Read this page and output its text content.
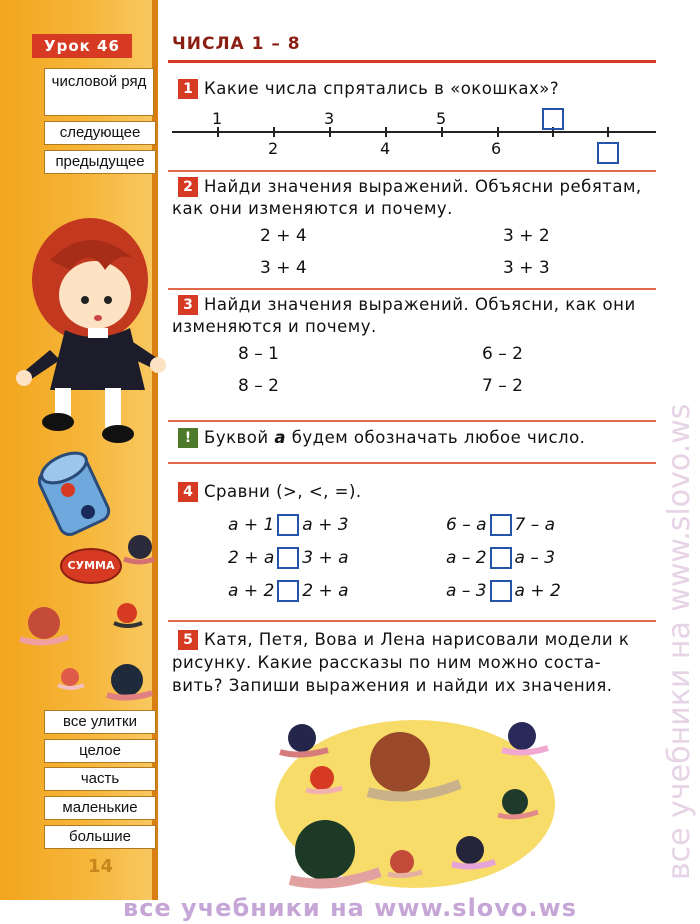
Урок 46
числовой ряд
следующее
предыдущее
СУММА
все улитки
целое
часть
маленькие
большие
14
ЧИСЛА 1 – 8
1 Какие числа спрятались в «окошках»?
1	3	5
2	4	6
2 Найди значения выражений. Объясни ребятам,
как они изменяются и почему.
2 + 4	3 + 2
3 + 4	3 + 3
3 Найди значения выражений. Объясни, как они
изменяются и почему.
8 – 1	6 – 2
8 – 2	7 – 2
! Буквой а будем обозначать любое число.
4 Сравни (>, <, =).
а + 1 а + 3	6 – а 7 – а
2 + а 3 + а	а – 2 а – 3
а + 2 2 + а	а – 3 а + 2
5 Катя, Петя, Вова и Лена нарисовали модели к
рисунку. Какие рассказы по ним можно соста-
вить? Запиши выражения и найди их значения.	все учебники на www.slovo.ws
все учебники на www.slovo.ws
